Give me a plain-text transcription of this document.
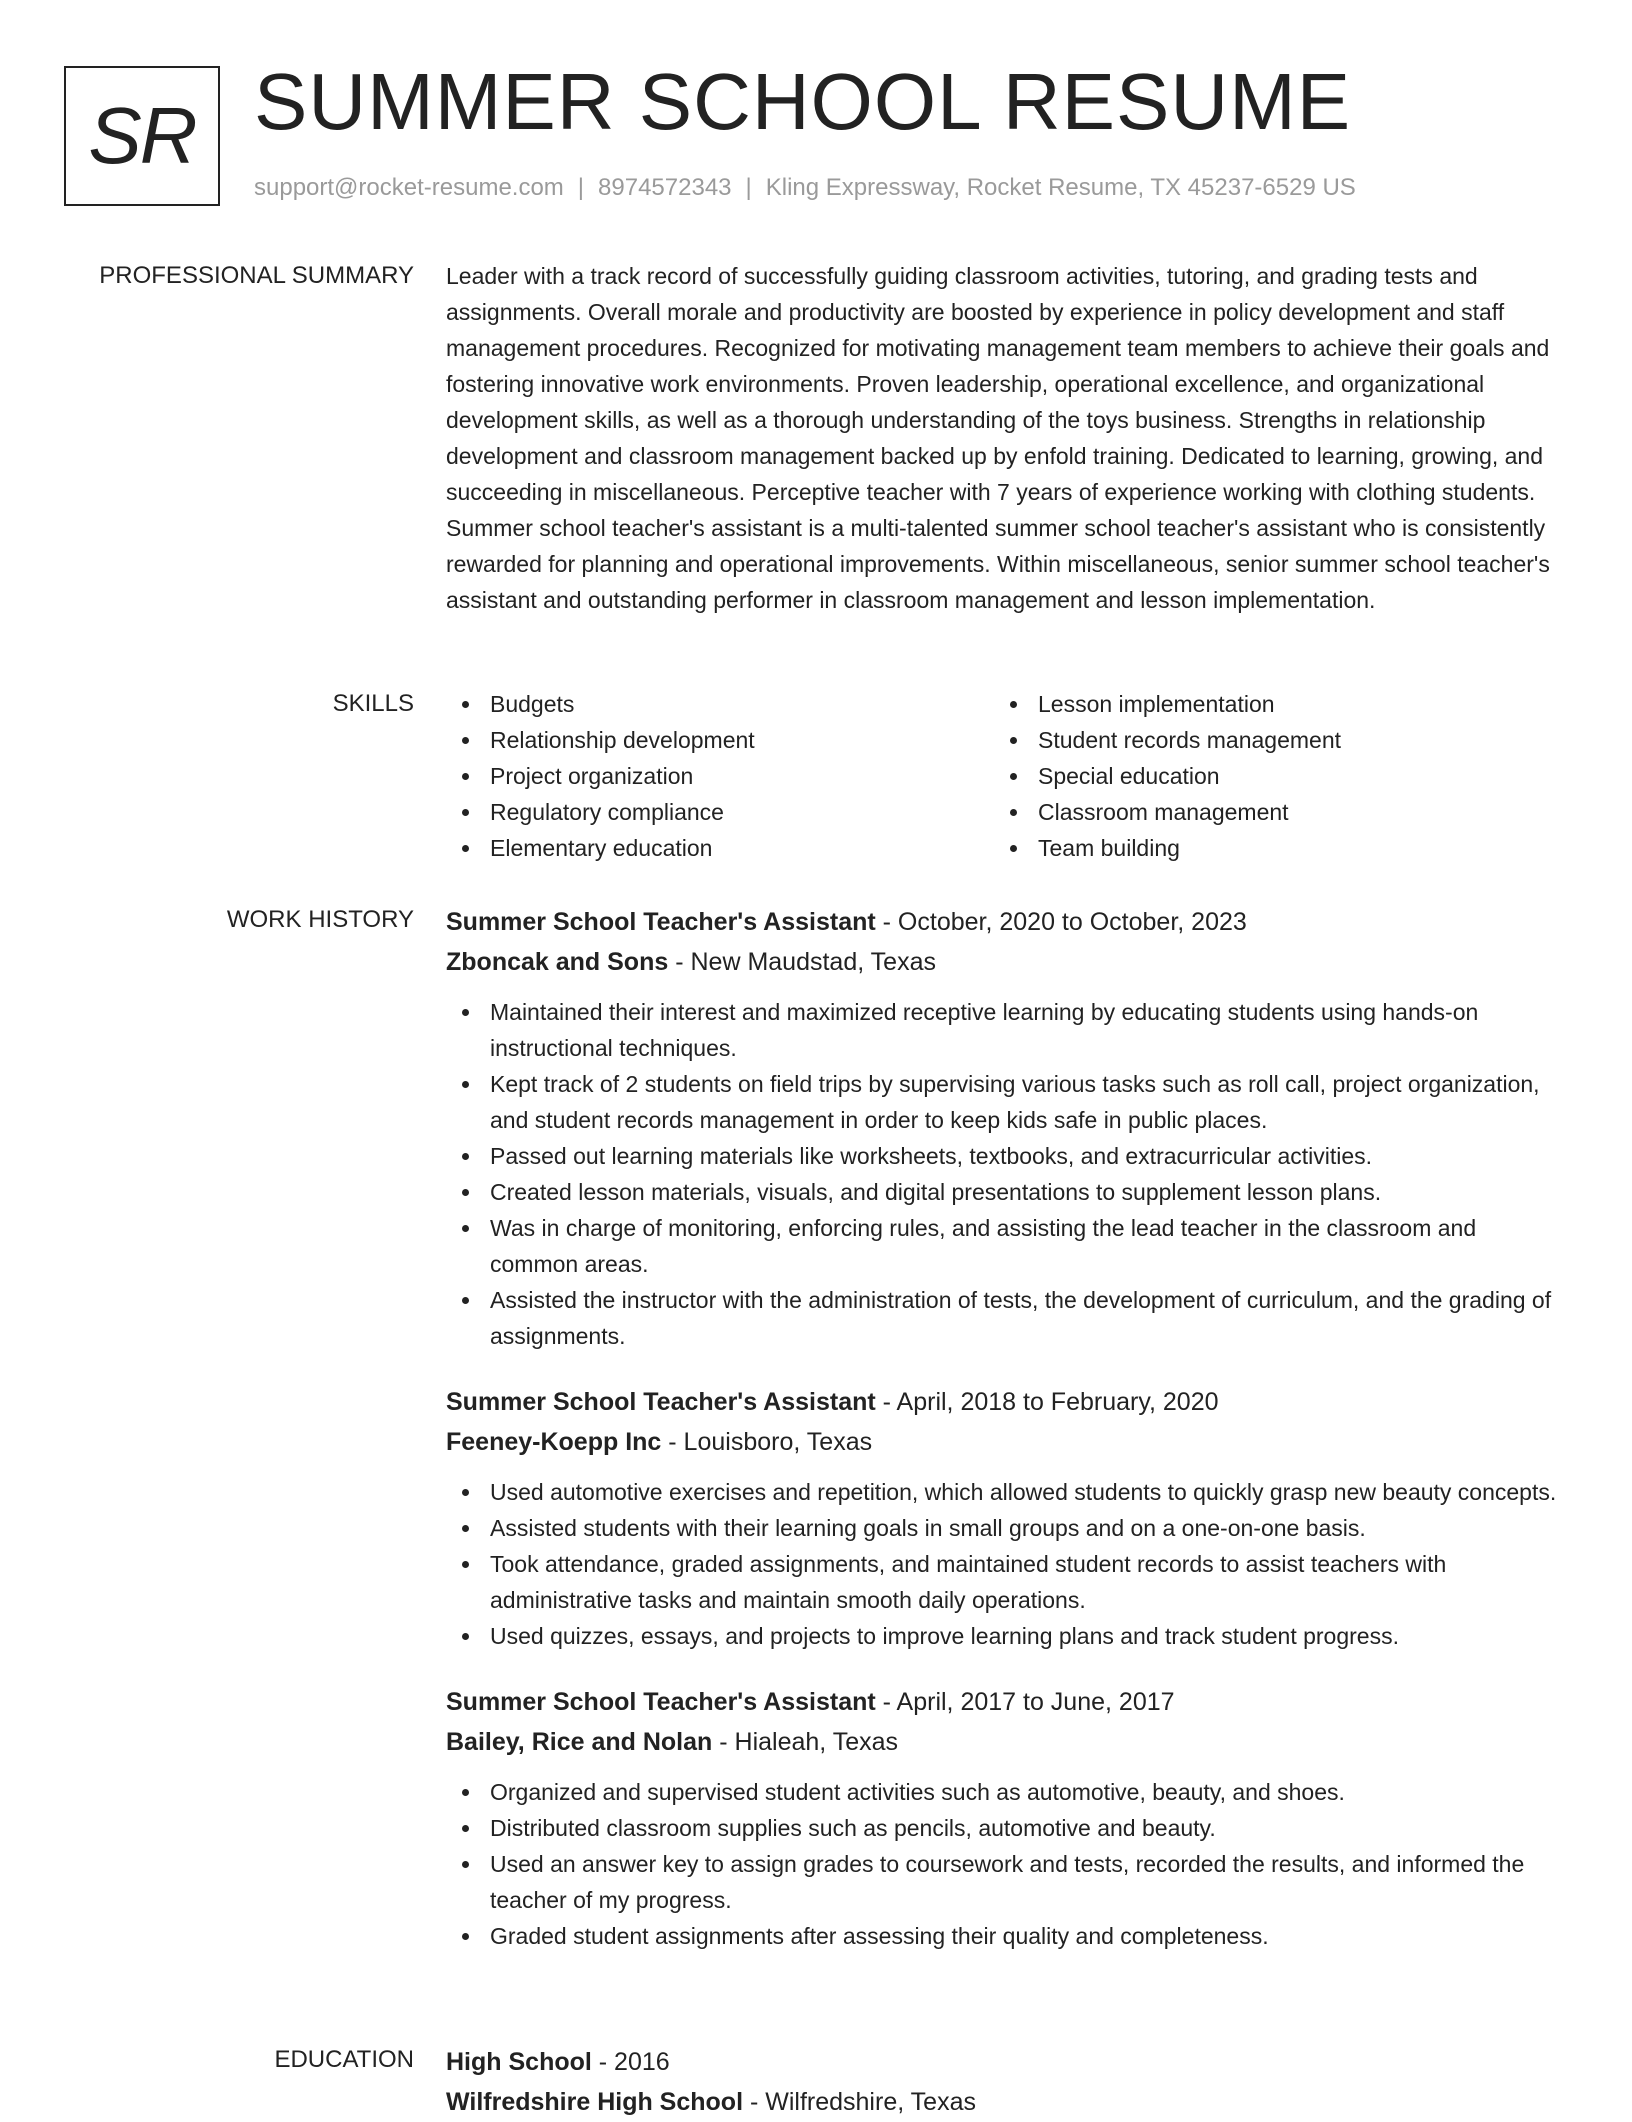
SR SUMMER SCHOOL RESUME
support@rocket-resume.com | 8974572343 | Kling Expressway, Rocket Resume, TX 45237-6529 US
PROFESSIONAL SUMMARY Leader with a track record of successfully guiding classroom activities, tutoring, and grading tests and assignments. Overall morale and productivity are boosted by experience in policy development and staff management procedures. Recognized for motivating management team members to achieve their goals and fostering innovative work environments. Proven leadership, operational excellence, and organizational development skills, as well as a thorough understanding of the toys business. Strengths in relationship development and classroom management backed up by enfold training. Dedicated to learning, growing, and succeeding in miscellaneous. Perceptive teacher with 7 years of experience working with clothing students. Summer school teacher's assistant is a multi-talented summer school teacher's assistant who is consistently rewarded for planning and operational improvements. Within miscellaneous, senior summer school teacher's assistant and outstanding performer in classroom management and lesson implementation.

SKILLS	Budgets
Relationship development
Project organization
Regulatory compliance
Elementary education
Lesson implementation
Student records management
Special education
Classroom management
Team building
WORK HISTORY Summer School Teacher's Assistant - October, 2020 to October, 2023
Zboncak and Sons - New Maudstad, Texas
Maintained their interest and maximized receptive learning by educating students using hands-on instructional techniques.
Kept track of 2 students on field trips by supervising various tasks such as roll call, project organization, and student records management in order to keep kids safe in public places.
Passed out learning materials like worksheets, textbooks, and extracurricular activities.
Created lesson materials, visuals, and digital presentations to supplement lesson plans.
Was in charge of monitoring, enforcing rules, and assisting the lead teacher in the classroom and common areas.
Assisted the instructor with the administration of tests, the development of curriculum, and the grading of assignments.
Summer School Teacher's Assistant - April, 2018 to February, 2020
Feeney-Koepp Inc - Louisboro, Texas
Used automotive exercises and repetition, which allowed students to quickly grasp new beauty concepts.
Assisted students with their learning goals in small groups and on a one-on-one basis.
Took attendance, graded assignments, and maintained student records to assist teachers with administrative tasks and maintain smooth daily operations.
Used quizzes, essays, and projects to improve learning plans and track student progress.
Summer School Teacher's Assistant - April, 2017 to June, 2017
Bailey, Rice and Nolan - Hialeah, Texas
Organized and supervised student activities such as automotive, beauty, and shoes.
Distributed classroom supplies such as pencils, automotive and beauty.
Used an answer key to assign grades to coursework and tests, recorded the results, and informed the teacher of my progress.
Graded student assignments after assessing their quality and completeness.
EDUCATION High School - 2016
Wilfredshire High School - Wilfredshire, Texas
